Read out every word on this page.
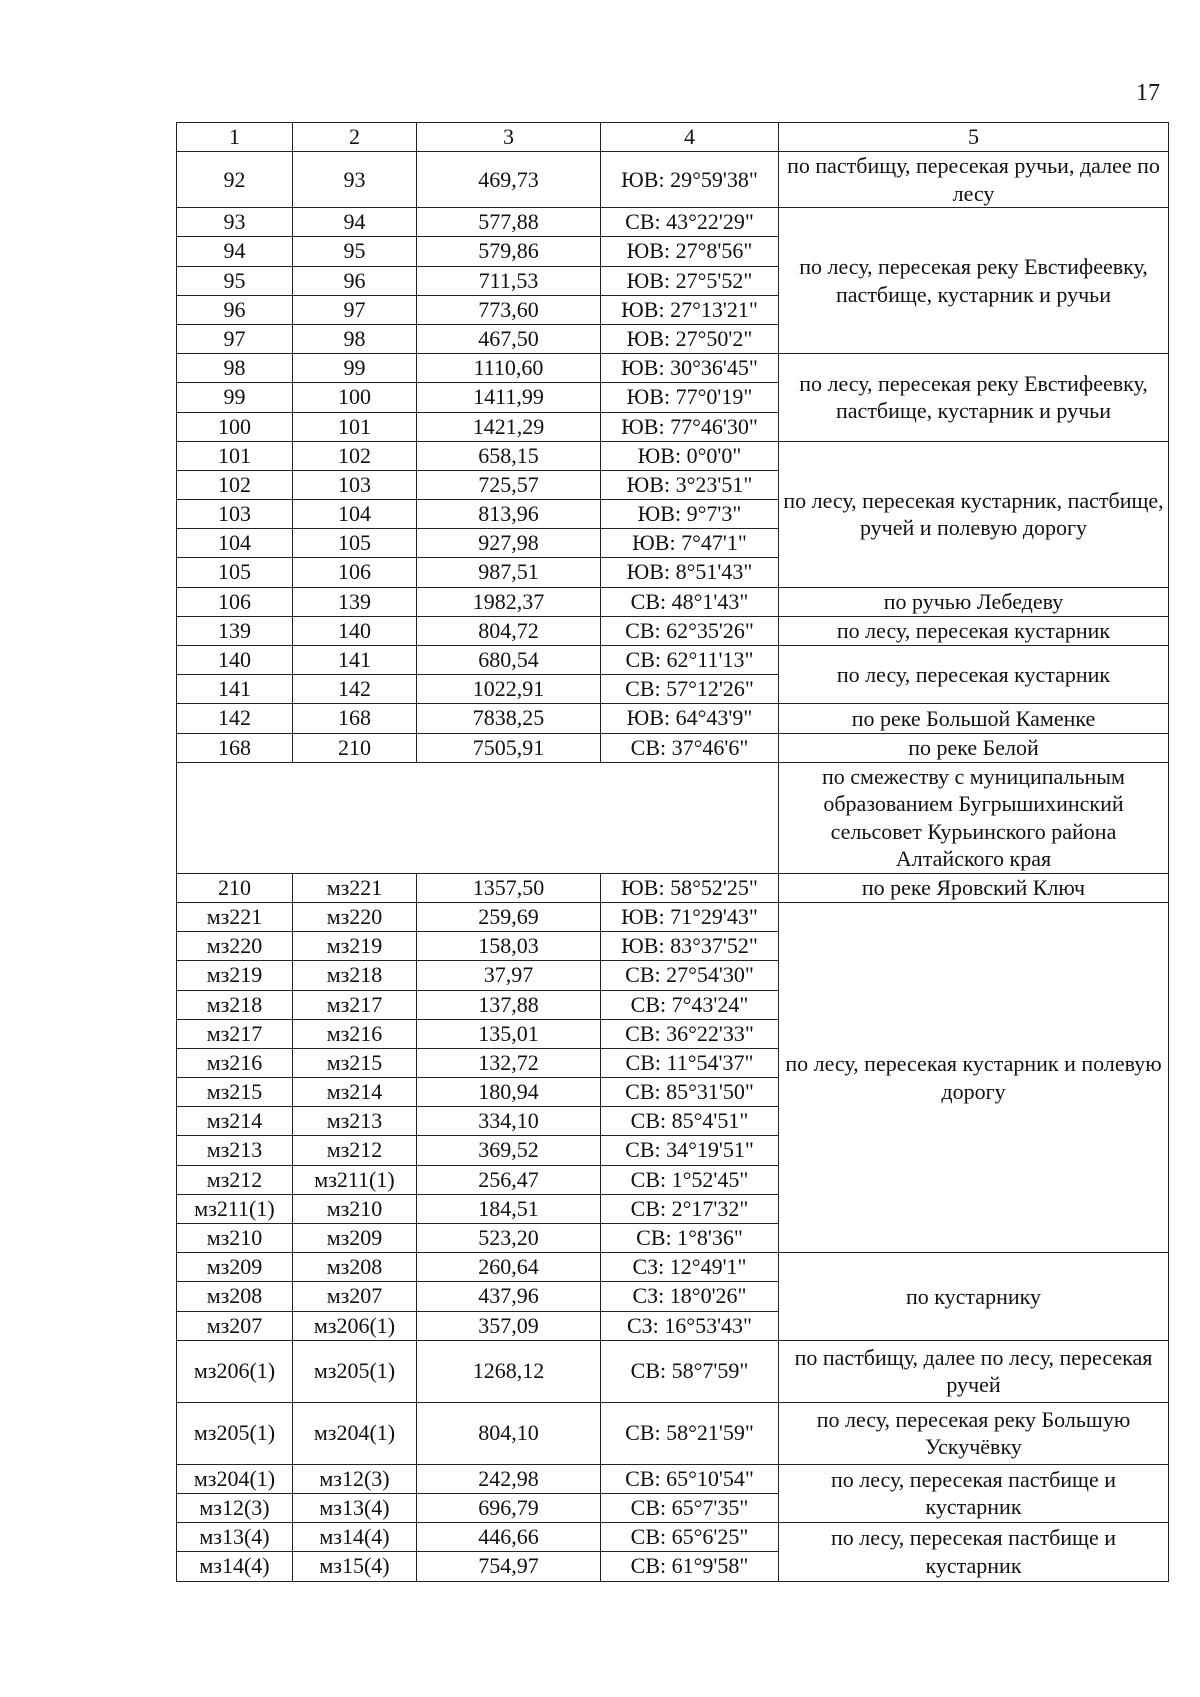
17
1	2	3	4	5
92	93	469,73	ЮВ: 29°59'38"	по пастбищу, пересекая ручьи, далее по лесу
93	94	577,88	СВ: 43°22'29"	по лесу, пересекая реку Евстифеевку, пастбище, кустарник и ручьи
94	95	579,86	ЮВ: 27°8'56"	
95	96	711,53	ЮВ: 27°5'52"	
96	97	773,60	ЮВ: 27°13'21"	
97	98	467,50	ЮВ: 27°50'2"	
98	99	1110,60	ЮВ: 30°36'45"	по лесу, пересекая реку Евстифеевку, пастбище, кустарник и ручьи
99	100	1411,99	ЮВ: 77°0'19"	
100	101	1421,29	ЮВ: 77°46'30"	
101	102	658,15	ЮВ: 0°0'0"	по лесу, пересекая кустарник, пастбище, ручей и полевую дорогу
102	103	725,57	ЮВ: 3°23'51"	
103	104	813,96	ЮВ: 9°7'3"	
104	105	927,98	ЮВ: 7°47'1"	
105	106	987,51	ЮВ: 8°51'43"	
106	139	1982,37	СВ: 48°1'43"	по ручью Лебедеву
139	140	804,72	СВ: 62°35'26"	по лесу, пересекая кустарник
140	141	680,54	СВ: 62°11'13"	по лесу, пересекая кустарник
141	142	1022,91	СВ: 57°12'26"	
142	168	7838,25	ЮВ: 64°43'9"	по реке Большой Каменке
168	210	7505,91	СВ: 37°46'6"	по реке Белой
				по смежеству с муниципальным образованием Бугрышихинский сельсовет Курьинского района Алтайского края
210	мз221	1357,50	ЮВ: 58°52'25"	по реке Яровский Ключ
мз221	мз220	259,69	ЮВ: 71°29'43"	по лесу, пересекая кустарник и полевую дорогу
мз220	мз219	158,03	ЮВ: 83°37'52"	
мз219	мз218	37,97	СВ: 27°54'30"	
мз218	мз217	137,88	СВ: 7°43'24"	
мз217	мз216	135,01	СВ: 36°22'33"	
мз216	мз215	132,72	СВ: 11°54'37"	
мз215	мз214	180,94	СВ: 85°31'50"	
мз214	мз213	334,10	СВ: 85°4'51"	
мз213	мз212	369,52	СВ: 34°19'51"	
мз212	мз211(1)	256,47	СВ: 1°52'45"	
мз211(1)	мз210	184,51	СВ: 2°17'32"	
мз210	мз209	523,20	СВ: 1°8'36"	
мз209	мз208	260,64	СЗ: 12°49'1"	по кустарнику
мз208	мз207	437,96	СЗ: 18°0'26"	
мз207	мз206(1)	357,09	СЗ: 16°53'43"	
мз206(1)	мз205(1)	1268,12	СВ: 58°7'59"	по пастбищу, далее по лесу, пересекая ручей
мз205(1)	мз204(1)	804,10	СВ: 58°21'59"	по лесу, пересекая реку Большую Ускучёвку
мз204(1)	мз12(3)	242,98	СВ: 65°10'54"	по лесу, пересекая пастбище и кустарник
мз12(3)	мз13(4)	696,79	СВ: 65°7'35"	
мз13(4)	мз14(4)	446,66	СВ: 65°6'25"	по лесу, пересекая пастбище и кустарник
мз14(4)	мз15(4)	754,97	СВ: 61°9'58"	
